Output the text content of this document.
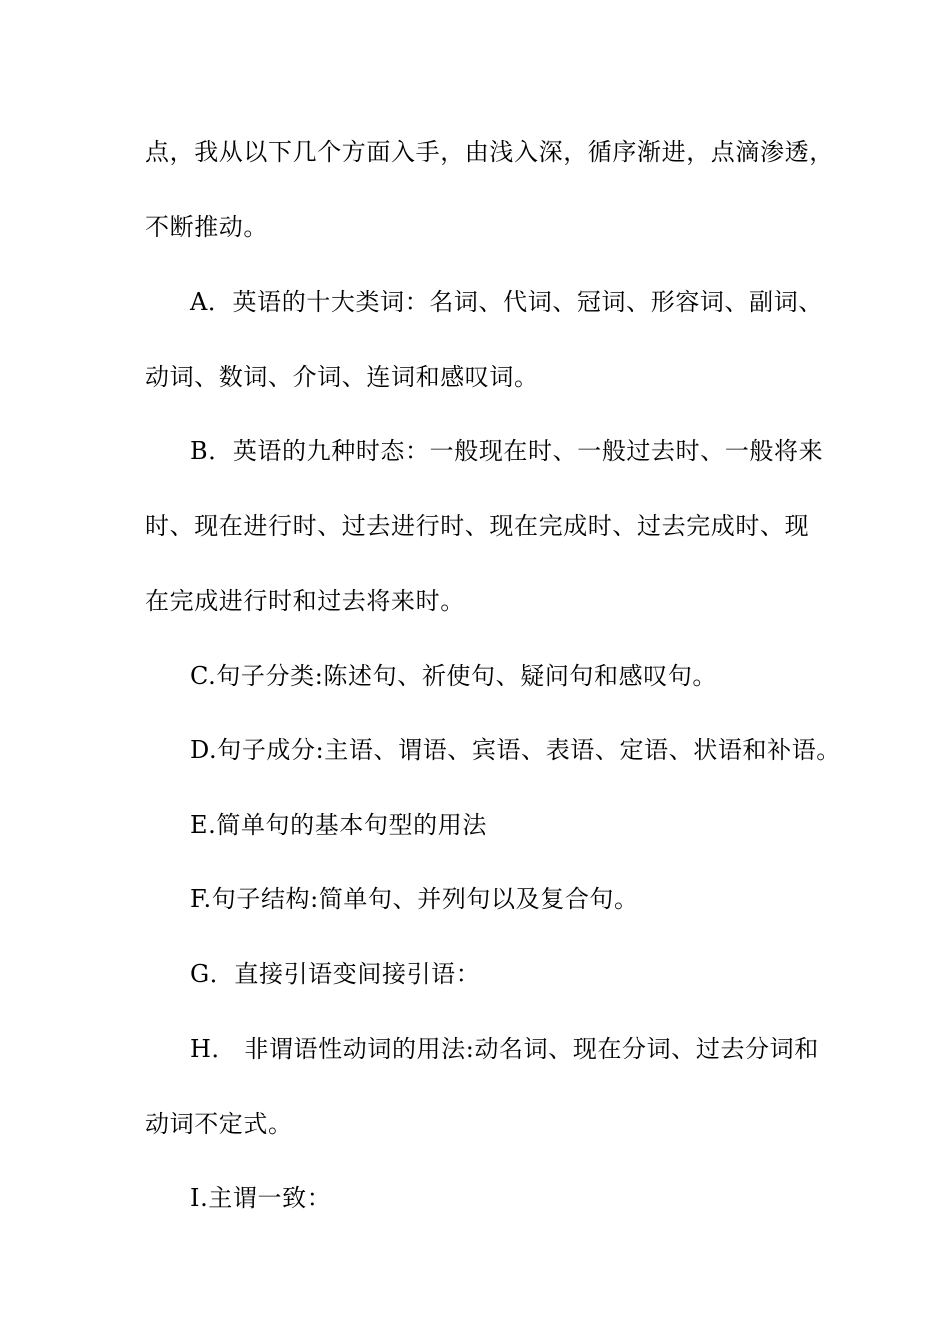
点，我从以下几个方面入手，由浅入深，循序渐进，点滴渗透，
不断推动。
A．英语的十大类词：名词、代词、冠词、形容词、副词、
动词、数词、介词、连词和感叹词。
B．英语的九种时态：一般现在时、一般过去时、一般将来
时、现在进行时、过去进行时、现在完成时、过去完成时、现
在完成进行时和过去将来时。
C.句子分类:陈述句、祈使句、疑问句和感叹句。
D.句子成分:主语、谓语、宾语、表语、定语、状语和补语。
E.简单句的基本句型的用法
F.句子结构:简单句、并列句以及复合句。
G．直接引语变间接引语：
H． 非谓语性动词的用法:动名词、现在分词、过去分词和
动词不定式。
I.主谓一致：
